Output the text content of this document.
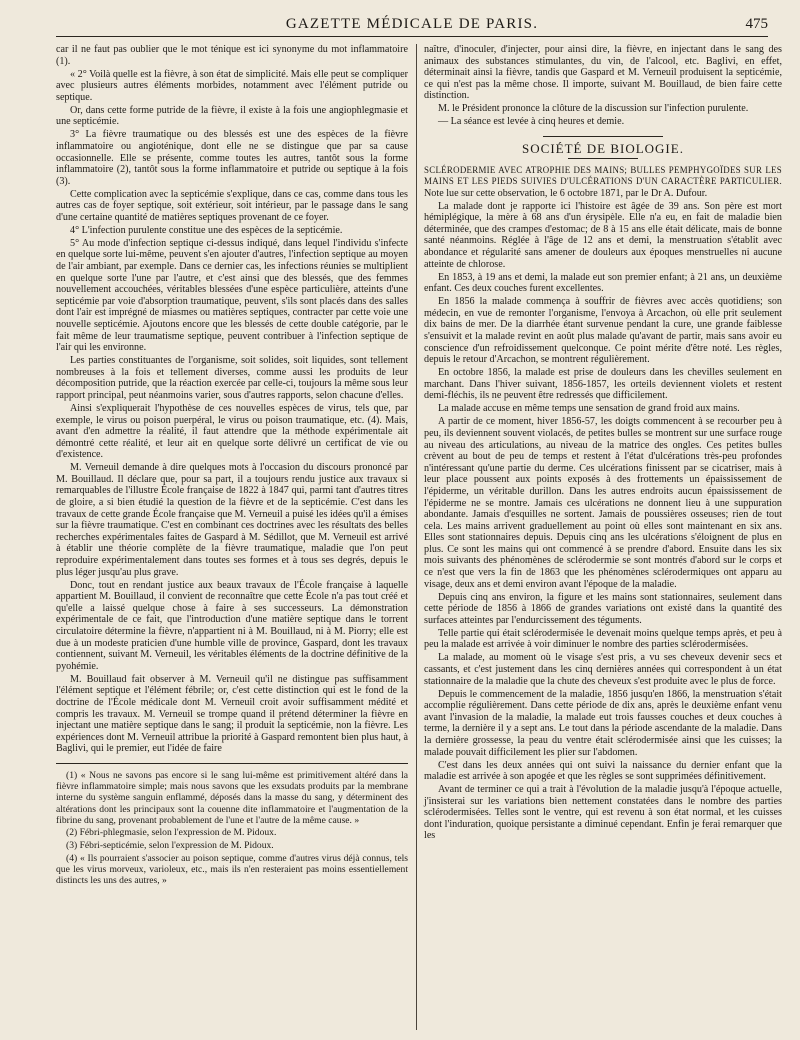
GAZETTE MÉDICALE DE PARIS.	475

car il ne faut pas oublier que le mot ténique est ici synonyme du mot inflammatoire (1).

« 2° Voilà quelle est la fièvre, à son état de simplicité. Mais elle peut se compliquer avec plusieurs autres éléments morbides, notamment avec l'élément putride ou septique.

Or, dans cette forme putride de la fièvre, il existe à la fois une angiophlegmasie et une septicémie.

3° La fièvre traumatique ou des blessés est une des espèces de la fièvre inflammatoire ou angioténique, dont elle ne se distingue que par sa cause occasionnelle. Elle se présente, comme toutes les autres, tantôt sous la forme inflammatoire (2), tantôt sous la forme inflammatoire et putride ou septique à la fois (3).

Cette complication avec la septicémie s'explique, dans ce cas, comme dans tous les autres cas de foyer septique, soit extérieur, soit intérieur, par le passage dans le sang d'une certaine quantité de matières septiques provenant de ce foyer.

4° L'infection purulente constitue une des espèces de la septicémie.

5° Au mode d'infection septique ci-dessus indiqué, dans lequel l'individu s'infecte en quelque sorte lui-même, peuvent s'en ajouter d'autres, l'infection septique au moyen de l'air ambiant, par exemple. Dans ce dernier cas, les infections réunies se multiplient en quelque sorte l'une par l'autre, et c'est ainsi que des blessés, que des femmes nouvellement accouchées, véritables blessées d'une espèce particulière, atteints d'une septicémie par voie d'absorption traumatique, peuvent, s'ils sont placés dans des salles dont l'air est imprégné de miasmes ou matières septiques, contracter par cette voie une nouvelle septicémie. Ajoutons encore que les blessés de cette double catégorie, par le fait même de leur traumatisme septique, peuvent contribuer à l'infection septique de l'air qui les environne.

Les parties constituantes de l'organisme, soit solides, soit liquides, sont tellement nombreuses à la fois et tellement diverses, comme aussi les produits de leur décomposition putride, que la réaction exercée par celle-ci, toujours la même sous leur rapport principal, peut néanmoins varier, sous d'autres rapports, selon chacune d'elles.

Ainsi s'expliquerait l'hypothèse de ces nouvelles espèces de virus, tels que, par exemple, le virus ou poison puerpéral, le virus ou poison traumatique, etc. (4). Mais, avant d'en admettre la réalité, il faut attendre que la méthode expérimentale ait démontré cette réalité, et leur ait en quelque sorte délivré un certificat de vie ou d'existence.

M. Verneuil demande à dire quelques mots à l'occasion du discours prononcé par M. Bouillaud. Il déclare que, pour sa part, il a toujours rendu justice aux travaux si remarquables de l'illustre École française de 1822 à 1847 qui, parmi tant d'autres titres de gloire, a si bien étudié la question de la fièvre et de la septicémie. C'est dans les travaux de cette grande École française que M. Verneuil a puisé les idées qu'il a émises sur la fièvre traumatique. C'est en combinant ces doctrines avec les résultats des belles recherches expérimentales faites de Gaspard à M. Sédillot, que M. Verneuil est arrivé à établir une théorie complète de la fièvre traumatique, maladie que l'on peut reproduire expérimentalement dans toutes ses formes et à tous ses degrés, depuis le plus léger jusqu'au plus grave.

Donc, tout en rendant justice aux beaux travaux de l'École française à laquelle appartient M. Bouillaud, il convient de reconnaître que cette École n'a pas tout créé et qu'elle a laissé quelque chose à faire à ses successeurs. La démonstration expérimentale de ce fait, que l'introduction d'une matière septique dans le torrent circulatoire détermine la fièvre, n'appartient ni à M. Bouillaud, ni à M. Piorry; elle est due à un modeste praticien d'une humble ville de province, Gaspard, dont les travaux contiennent, suivant M. Verneuil, les véritables éléments de la doctrine définitive de la pyohémie.

M. Bouillaud fait observer à M. Verneuil qu'il ne distingue pas suffisamment l'élément septique et l'élément fébrile; or, c'est cette distinction qui est le fond de la doctrine de l'École médicale dont M. Verneuil croit avoir suffisamment médité et compris les travaux. M. Verneuil se trompe quand il prétend déterminer la fièvre en injectant une matière septique dans le sang; il produit la septicémie, non la fièvre. Les expériences dont M. Verneuil attribue la priorité à Gaspard remontent bien plus haut, à Baglivi, qui le premier, eut l'idée de faire

(1) « Nous ne savons pas encore si le sang lui-même est primitivement altéré dans la fièvre inflammatoire simple; mais nous savons que les exsudats produits par la membrane interne du système sanguin enflammé, déposés dans la masse du sang, y déterminent des altérations dont les principaux sont la couenne dite inflammatoire et l'augmentation de la fibrine du sang, provenant probablement de l'une et l'autre de la même cause. »

(2) Fébri-phlegmasie, selon l'expression de M. Pidoux.

(3) Fébri-septicémie, selon l'expression de M. Pidoux.

(4) « Ils pourraient s'associer au poison septique, comme d'autres virus déjà connus, tels que les virus morveux, varioleux, etc., mais ils n'en resteraient pas moins essentiellement distincts les uns des autres, »

naître, d'inoculer, d'injecter, pour ainsi dire, la fièvre, en injectant dans le sang des animaux des substances stimulantes, du vin, de l'alcool, etc. Baglivi, en effet, déterminait ainsi la fièvre, tandis que Gaspard et M. Verneuil produisent la septicémie, ce qui n'est pas la même chose. Il importe, suivant M. Bouillaud, de bien faire cette distinction.

M. le Président prononce la clôture de la discussion sur l'infection purulente.

— La séance est levée à cinq heures et demie.

SOCIÉTÉ DE BIOLOGIE.

SCLÉRODERMIE AVEC ATROPHIE DES MAINS; BULLES PEMPHYGOÏDES SUR LES MAINS ET LES PIEDS SUIVIES D'ULCÉRATIONS D'UN CARACTÈRE PARTICULIER. Note lue sur cette observation, le 6 octobre 1871, par le Dr A. Dufour.

La malade dont je rapporte ici l'histoire est âgée de 39 ans. Son père est mort hémiplégique, la mère à 68 ans d'un érysipèle. Elle n'a eu, en fait de maladie bien déterminée, que des crampes d'estomac; de 8 à 15 ans elle était délicate, mais de bonne santé néanmoins. Réglée à l'âge de 12 ans et demi, la menstruation s'établit avec abondance et régularité sans amener de douleurs aux époques menstruelles ni aucune atteinte de chlorose.

En 1853, à 19 ans et demi, la malade eut son premier enfant; à 21 ans, un deuxième enfant. Ces deux couches furent excellentes.

En 1856 la malade commença à souffrir de fièvres avec accès quotidiens; son médecin, en vue de remonter l'organisme, l'envoya à Arcachon, où elle prit seulement dix bains de mer. De la diarrhée étant survenue pendant la cure, une grande faiblesse s'ensuivit et la malade revint en août plus malade qu'avant de partir, mais sans avoir eu conscience d'un refroidissement quelconque. Ce point mérite d'être noté. Les règles, depuis le retour d'Arcachon, se montrent régulièrement.

En octobre 1856, la malade est prise de douleurs dans les chevilles seulement en marchant. Dans l'hiver suivant, 1856-1857, les orteils deviennent violets et restent demi-fléchis, ils ne peuvent être redressés que difficilement.

La malade accuse en même temps une sensation de grand froid aux mains.

A partir de ce moment, hiver 1856-57, les doigts commencent à se recourber peu à peu, ils deviennent souvent violacés, de petites bulles se montrent sur une surface rouge au niveau des articulations, au niveau de la matrice des ongles. Ces petites bulles crèvent au bout de peu de temps et restent à l'état d'ulcérations très-peu profondes n'intéressant qu'une partie du derme. Ces ulcérations finissent par se cicatriser, mais à leur place poussent aux points exposés à des frottements un épaississement de l'épiderme, un véritable durillon. Dans les autres endroits aucun épaississement de l'épiderme ne se montre. Jamais ces ulcérations ne donnent lieu à une suppuration abondante. Jamais d'esquilles ne sortent. Jamais de poussières osseuses; rien de tout cela. Les mains arrivent graduellement au point où elles sont maintenant en six ans. Elles sont stationnaires depuis. Depuis cinq ans les ulcérations s'éloignent de plus en plus. Ce sont les mains qui ont commencé à se prendre d'abord. Ensuite dans les six mois suivants des phénomènes de sclérodermie se sont montrés d'abord sur le corps et ce n'est que vers la fin de 1863 que les phénomènes sclérodermiques ont apparu au visage, deux ans et demi environ avant l'époque de la maladie.

Depuis cinq ans environ, la figure et les mains sont stationnaires, seulement dans cette période de 1856 à 1866 de grandes variations ont existé dans la quantité des surfaces atteintes par l'endurcissement des téguments.

Telle partie qui était sclérodermisée le devenait moins quelque temps après, et peu à peu la malade est arrivée à voir diminuer le nombre des parties sclérodermisées.

La malade, au moment où le visage s'est pris, a vu ses cheveux devenir secs et cassants, et c'est justement dans les cinq dernières années qui correspondent à un état stationnaire de la maladie que la chute des cheveux s'est produite avec le plus de force.

Depuis le commencement de la maladie, 1856 jusqu'en 1866, la menstruation s'était accomplie régulièrement. Dans cette période de dix ans, après le deuxième enfant venu avant l'invasion de la maladie, la malade eut trois fausses couches et deux couches à terme, la dernière il y a sept ans. Le tout dans la période ascendante de la maladie. Dans la dernière grossesse, la peau du ventre était sclérodermisée ainsi que les cuisses; la malade pouvait difficilement les plier sur l'abdomen.

C'est dans les deux années qui ont suivi la naissance du dernier enfant que la maladie est arrivée à son apogée et que les règles se sont supprimées définitivement.

Avant de terminer ce qui a trait à l'évolution de la maladie jusqu'à l'époque actuelle, j'insisterai sur les variations bien nettement constatées dans le nombre des parties sclérodermisées. Telles sont le ventre, qui est revenu à son état normal, et les cuisses dont l'induration, quoique persistante a diminué cependant. Enfin je ferai remarquer que les
